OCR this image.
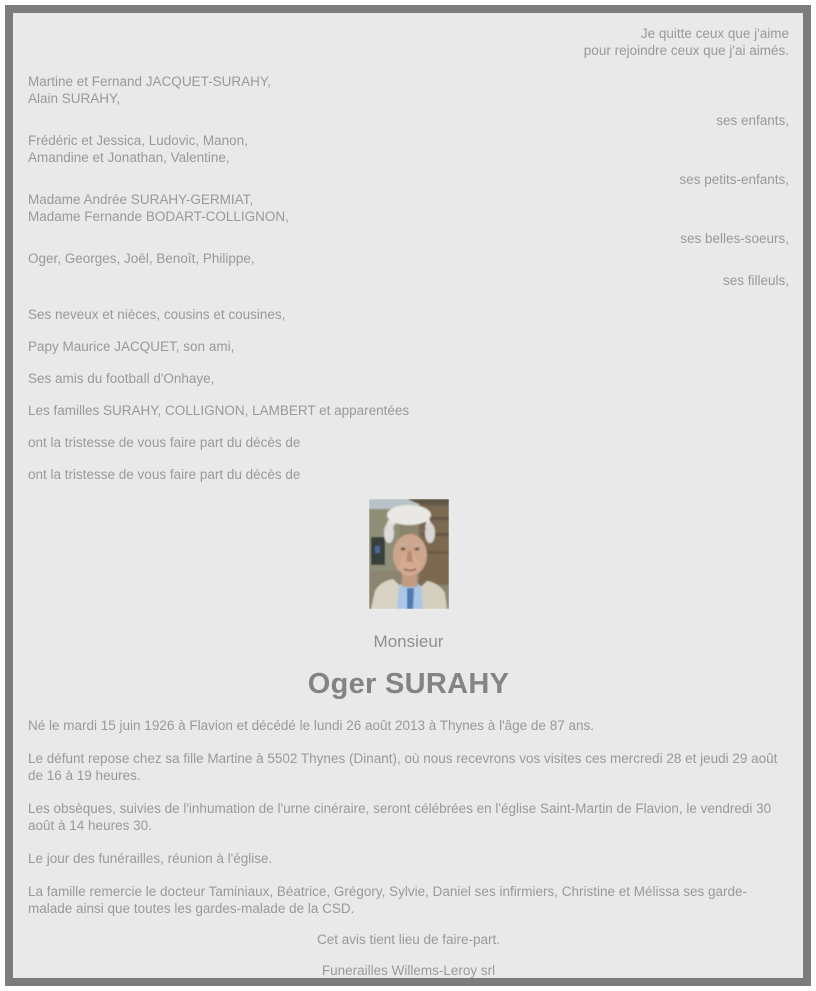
Je quitte ceux que j'aime
pour rejoindre ceux que j'ai aimés.
Martine et Fernand JACQUET-SURAHY,
Alain SURAHY,
ses enfants,
Frédéric et Jessica, Ludovic, Manon,
Amandine et Jonathan, Valentine,
ses petits-enfants,
Madame Andrée SURAHY-GERMIAT,
Madame Fernande BODART-COLLIGNON,
ses belles-soeurs,
Oger, Georges, Joël, Benoît, Philippe,
ses filleuls,

Ses neveux et nièces, cousins et cousines,

Papy Maurice JACQUET, son ami,

Ses amis du football d'Onhaye,

Les familles SURAHY, COLLIGNON, LAMBERT et apparentées

ont la tristesse de vous faire part du décès de

ont la tristesse de vous faire part du décès de

Monsieur
Oger SURAHY

Né le mardi 15 juin 1926 à Flavion et décédé le lundi 26 août 2013 à Thynes à l'âge de 87 ans.

Le défunt repose chez sa fille Martine à 5502 Thynes (Dinant), où nous recevrons vos visites ces mercredi 28 et jeudi 29 août de 16 à 19 heures.

Les obsèques, suivies de l'inhumation de l'urne cinéraire, seront célébrées en l'église Saint-Martin de Flavion, le vendredi 30 août à 14 heures 30.

Le jour des funérailles, réunion à l'église.

La famille remercie le docteur Taminiaux, Béatrice, Grégory, Sylvie, Daniel ses infirmiers, Christine et Mélissa ses garde-malade ainsi que toutes les gardes-malade de la CSD.

Cet avis tient lieu de faire-part.

Funerailles Willems-Leroy srl
